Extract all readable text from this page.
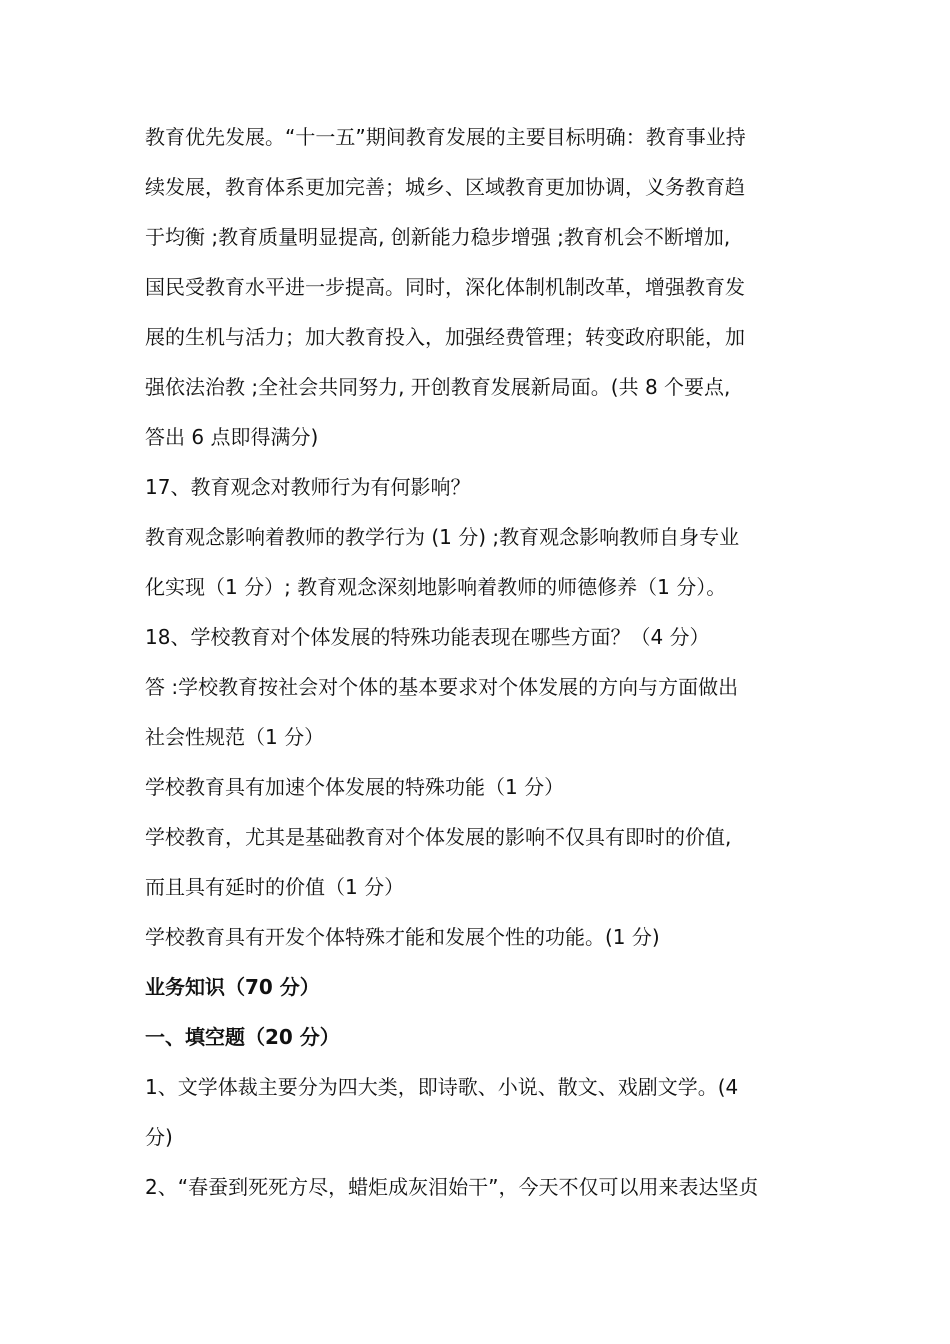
教育优先发展。“十一五”期间教育发展的主要目标明确：教育事业持
续发展，教育体系更加完善；城乡、区域教育更加协调，义务教育趋
于均衡 ;教育质量明显提高, 创新能力稳步增强 ;教育机会不断增加,
国民受教育水平进一步提高。同时，深化体制机制改革，增强教育发
展的生机与活力；加大教育投入，加强经费管理；转变政府职能，加
强依法治教 ;全社会共同努力, 开创教育发展新局面。(共 8 个要点,
答出 6 点即得满分)
17、教育观念对教师行为有何影响？
教育观念影响着教师的教学行为 (1 分) ;教育观念影响教师自身专业
化实现（1 分）; 教育观念深刻地影响着教师的师德修养（1 分）。
18、学校教育对个体发展的特殊功能表现在哪些方面？（4 分）
答 :学校教育按社会对个体的基本要求对个体发展的方向与方面做出
社会性规范（1 分）
学校教育具有加速个体发展的特殊功能（1 分）
学校教育，尤其是基础教育对个体发展的影响不仅具有即时的价值,
而且具有延时的价值（1 分）
学校教育具有开发个体特殊才能和发展个性的功能。(1 分)
业务知识（70 分）
一、填空题（20 分）
1、文学体裁主要分为四大类，即诗歌、小说、散文、戏剧文学。(4
分)
2、“春蚕到死死方尽，蜡炬成灰泪始干”，今天不仅可以用来表达坚贞
